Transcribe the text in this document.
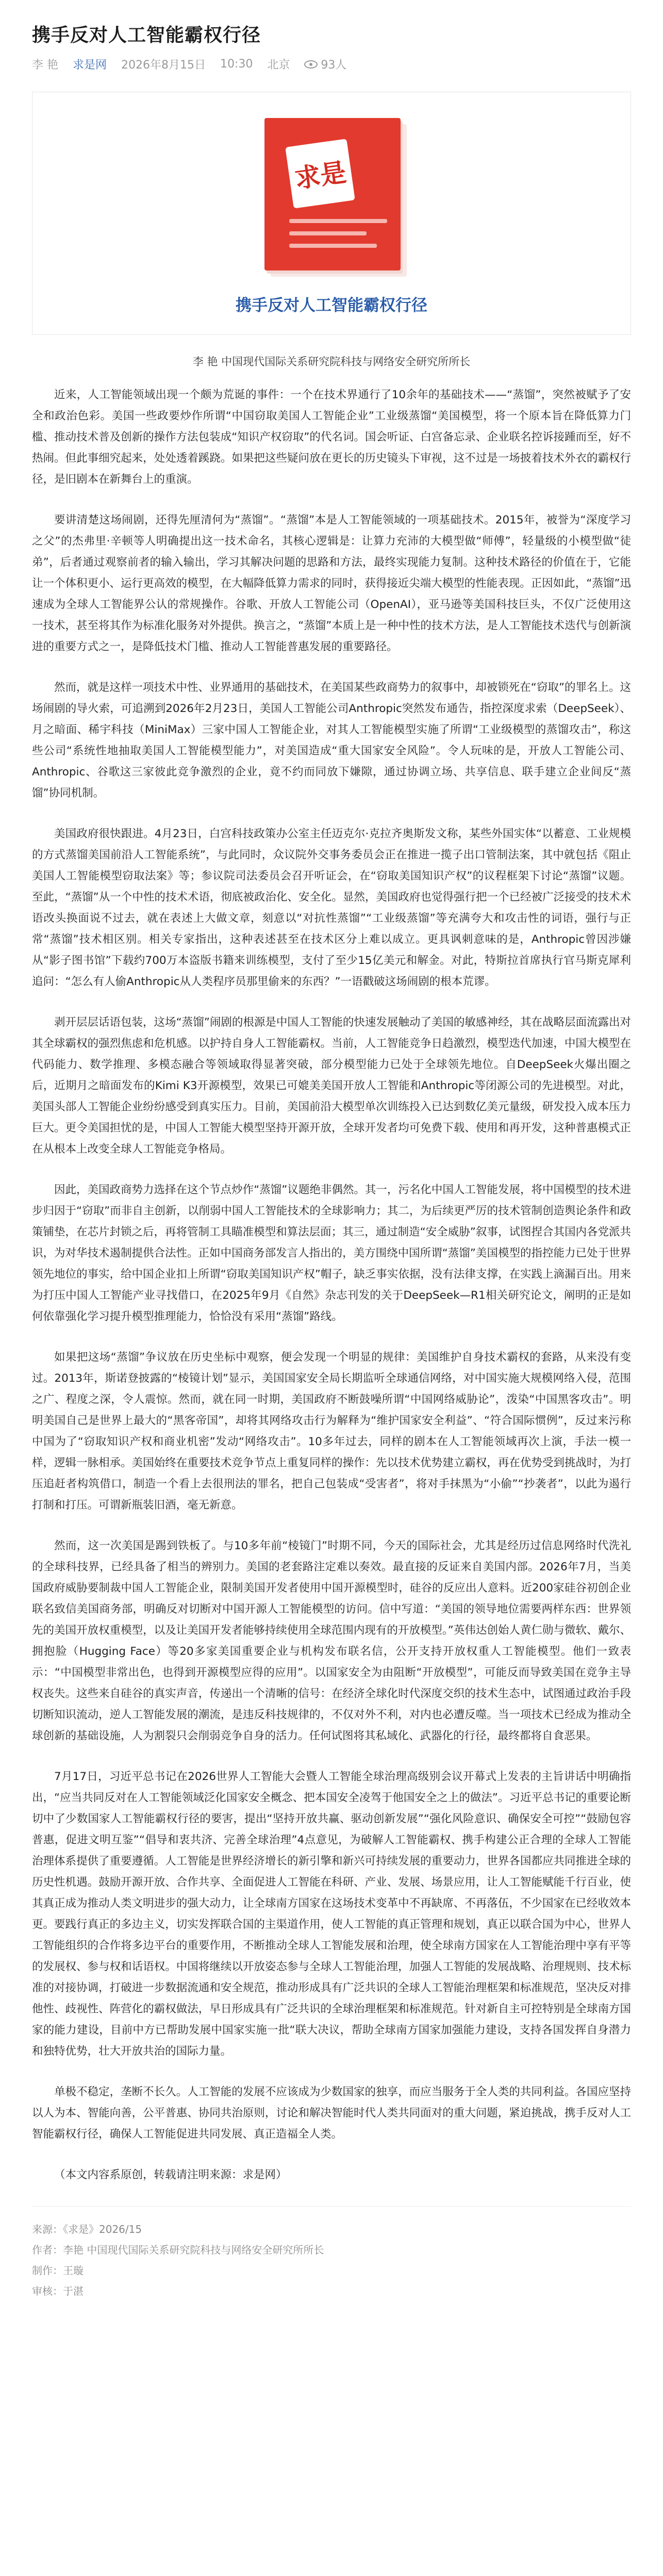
携手反对人工智能霸权行径
李 艳 求是网 2026年8月15日 10:30 北京	93人
求是
携手反对人工智能霸权行径
李 艳 中国现代国际关系研究院科技与网络安全研究所所长

近来，人工智能领域出现一个颇为荒诞的事件：一个在技术界通行了10余年的基础技术——“蒸馏”，突然被赋予了安全和政治色彩。美国一些政要炒作所谓“中国窃取美国人工智能企业”工业级蒸馏“美国模型，将一个原本旨在降低算力门槛、推动技术普及创新的操作方法包装成“知识产权窃取”的代名词。国会听证、白宫备忘录、企业联名控诉接踵而至，好不热闹。但此事细究起来，处处透着蹊跷。如果把这些疑问放在更长的历史镜头下审视，这不过是一场披着技术外衣的霸权行径，是旧剧本在新舞台上的重演。

要讲清楚这场闹剧，还得先厘清何为“蒸馏”。“蒸馏”本是人工智能领域的一项基础技术。2015年，被誉为“深度学习之父”的杰弗里·辛顿等人明确提出这一技术命名，其核心逻辑是：让算力充沛的大模型做“师傅”，轻量级的小模型做“徒弟”，后者通过观察前者的输入输出，学习其解决问题的思路和方法，最终实现能力复制。这种技术路径的价值在于，它能让一个体积更小、运行更高效的模型，在大幅降低算力需求的同时，获得接近尖端大模型的性能表现。正因如此，“蒸馏”迅速成为全球人工智能界公认的常规操作。谷歌、开放人工智能公司（OpenAI），亚马逊等美国科技巨头，不仅广泛使用这一技术，甚至将其作为标准化服务对外提供。换言之，“蒸馏”本质上是一种中性的技术方法，是人工智能技术迭代与创新演进的重要方式之一，是降低技术门槛、推动人工智能普惠发展的重要路径。

然而，就是这样一项技术中性、业界通用的基础技术，在美国某些政商势力的叙事中，却被锁死在“窃取”的罪名上。这场闹剧的导火索，可追溯到2026年2月23日，美国人工智能公司Anthropic突然发布通告，指控深度求索（DeepSeek）、月之暗面、稀宇科技（MiniMax）三家中国人工智能企业，对其人工智能模型实施了所谓“工业级模型的蒸馏攻击”，称这些公司“系统性地抽取美国人工智能模型能力”，对美国造成“重大国家安全风险”。令人玩味的是，开放人工智能公司、Anthropic、谷歌这三家彼此竞争激烈的企业，竟不约而同放下嫌隙，通过协调立场、共享信息、联手建立企业间反“蒸馏”协同机制。

美国政府很快跟进。4月23日，白宫科技政策办公室主任迈克尔·克拉齐奥斯发文称，某些外国实体“以蓄意、工业规模的方式蒸馏美国前沿人工智能系统”，与此同时，众议院外交事务委员会正在推进一揽子出口管制法案，其中就包括《阻止美国人工智能模型窃取法案》等；参议院司法委员会召开听证会，在“窃取美国知识产权”的议程框架下讨论“蒸馏”议题。至此，“蒸馏”从一个中性的技术术语，彻底被政治化、安全化。显然，美国政府也觉得强行把一个已经被广泛接受的技术术语改头换面说不过去，就在表述上大做文章，刻意以“对抗性蒸馏”“工业级蒸馏”等充满夸大和攻击性的词语，强行与正常“蒸馏”技术相区别。相关专家指出，这种表述甚至在技术区分上难以成立。更具讽刺意味的是，Anthropic曾因涉嫌从“影子图书馆”下载约700万本盗版书籍来训练模型，支付了至少15亿美元和解金。对此，特斯拉首席执行官马斯克犀利追问：“怎么有人偷Anthropic从人类程序员那里偷来的东西？”一语戳破这场闹剧的根本荒谬。

剥开层层话语包装，这场“蒸馏”闹剧的根源是中国人工智能的快速发展触动了美国的敏感神经，其在战略层面流露出对其全球霸权的强烈焦虑和危机感。以护持自身人工智能霸权。当前，人工智能竞争日趋激烈，模型迭代加速，中国大模型在代码能力、数学推理、多模态融合等领域取得显著突破，部分模型能力已处于全球领先地位。自DeepSeek火爆出圈之后，近期月之暗面发布的Kimi K3开源模型，效果已可媲美美国开放人工智能和Anthropic等闭源公司的先进模型。对此，美国头部人工智能企业纷纷感受到真实压力。目前，美国前沿大模型单次训练投入已达到数亿美元量级，研发投入成本压力巨大。更令美国担忧的是，中国人工智能大模型坚持开源开放，全球开发者均可免费下载、使用和再开发，这种普惠模式正在从根本上改变全球人工智能竞争格局。

因此，美国政商势力选择在这个节点炒作“蒸馏”议题绝非偶然。其一，污名化中国人工智能发展，将中国模型的技术进步归因于“窃取”而非自主创新，以削弱中国人工智能技术的全球影响力；其二，为后续更严厉的技术管制创造舆论条件和政策铺垫，在芯片封锁之后，再将管制工具瞄准模型和算法层面；其三，通过制造“安全威胁”叙事，试图捏合其国内各党派共识，为对华技术遏制提供合法性。正如中国商务部发言人指出的，美方围绕中国所谓“蒸馏”美国模型的指控能力已处于世界领先地位的事实，给中国企业扣上所谓“窃取美国知识产权”帽子，缺乏事实依据，没有法律支撑，在实践上滴漏百出。用来为打压中国人工智能产业寻找借口，在2025年9月《自然》杂志刊发的关于DeepSeek—R1相关研究论文，阐明的正是如何依靠强化学习提升模型推理能力，恰恰没有采用“蒸馏”路线。

如果把这场“蒸馏”争议放在历史坐标中观察，便会发现一个明显的规律：美国维护自身技术霸权的套路，从来没有变过。2013年，斯诺登披露的“棱镜计划”显示，美国国家安全局长期监听全球通信网络，对中国实施大规模网络入侵，范围之广、程度之深，令人震惊。然而，就在同一时期，美国政府不断鼓噪所谓“中国网络威胁论”，泼染“中国黑客攻击”。明明美国自己是世界上最大的“黑客帝国”，却将其网络攻击行为解释为“维护国家安全利益”、“符合国际惯例”，反过来污称中国为了“窃取知识产权和商业机密”发动“网络攻击”。10多年过去，同样的剧本在人工智能领域再次上演，手法一模一样，逻辑一脉相承。美国始终在重要技术竞争节点上重复同样的操作：先以技术优势建立霸权，再在优势受到挑战时，为打压追赶者构筑借口，制造一个看上去很刑法的罪名，把自己包装成“受害者”，将对手抹黑为“小偷”“抄袭者”，以此为遏行打制和打压。可谓新瓶装旧酒，毫无新意。

然而，这一次美国是踢到铁板了。与10多年前“棱镜门”时期不同，今天的国际社会，尤其是经历过信息网络时代洗礼的全球科技界，已经具备了相当的辨别力。美国的老套路注定难以奏效。最直接的反证来自美国内部。2026年7月，当美国政府威胁要制裁中国人工智能企业，限制美国开发者使用中国开源模型时，硅谷的反应出人意料。近200家硅谷初创企业联名致信美国商务部，明确反对切断对中国开源人工智能模型的访问。信中写道：“美国的领导地位需要两样东西：世界领先的美国开放权重模型，以及让美国开发者能够持续使用全球范围内现有的开放模型。”英伟达创始人黄仁勋与微软、戴尔、拥抱脸（Hugging Face）等20多家美国重要企业与机构发布联名信，公开支持开放权重人工智能模型。他们一致表示：“中国模型非常出色，也得到开源模型应得的应用”。以国家安全为由阻断“开放模型”，可能反而导致美国在竞争主导权丧失。这些来自硅谷的真实声音，传递出一个清晰的信号：在经济全球化时代深度交织的技术生态中，试图通过政治手段切断知识流动，逆人工智能发展的潮流，是违反科技规律的，不仅对外不利，对内也必遭反噬。当一项技术已经成为推动全球创新的基础设施，人为割裂只会削弱竞争自身的活力。任何试图将其私域化、武器化的行径，最终都将自食恶果。

7月17日，习近平总书记在2026世界人工智能大会暨人工智能全球治理高级别会议开幕式上发表的主旨讲话中明确指出，“应当共同反对在人工智能领域泛化国家安全概念、把本国安全凌驾于他国安全之上的做法”。习近平总书记的重要论断切中了少数国家人工智能霸权行径的要害，提出“坚持开放共赢、驱动创新发展”“强化风险意识、确保安全可控”“鼓励包容普惠，促进文明互鉴”“倡导和衷共济、完善全球治理”4点意见，为破解人工智能霸权、携手构建公正合理的全球人工智能治理体系提供了重要遵循。人工智能是世界经济增长的新引擎和新兴可持续发展的重要动力，世界各国都应共同推进全球的历史性机遇。鼓励开源开放、合作共享、全面促进人工智能在科研、产业、发展、场景应用，让人工智能赋能千行百业，使其真正成为推动人类文明进步的强大动力，让全球南方国家在这场技术变革中不再缺席、不再落伍，不少国家在已经收效本更。要践行真正的多边主义，切实发挥联合国的主渠道作用，使人工智能的真正管理和规划，真正以联合国为中心，世界人工智能组织的合作将多边平台的重要作用，不断推动全球人工智能发展和治理，使全球南方国家在人工智能治理中享有平等的发展权、参与权和话语权。中国将继续以开放姿态参与全球人工智能治理，加强人工智能的发展战略、治理规则、技术标准的对接协调，打破进一步数据流通和安全规范，推动形成具有广泛共识的全球人工智能治理框架和标准规范，坚决反对排他性、歧视性、阵营化的霸权做法，早日形成具有广泛共识的全球治理框架和标准规范。针对新自主可控特别是全球南方国家的能力建设，目前中方已帮助发展中国家实施一批“联大决议，帮助全球南方国家加强能力建设，支持各国发挥自身潜力和独特优势，壮大开放共治的国际力量。

单极不稳定，垄断不长久。人工智能的发展不应该成为少数国家的独享，而应当服务于全人类的共同利益。各国应坚持以人为本、智能向善，公平普惠、协同共治原则，讨论和解决智能时代人类共同面对的重大问题，紧迫挑战，携手反对人工智能霸权行径，确保人工智能促进共同发展、真正造福全人类。

（本文内容系原创，转载请注明来源：求是网）

来源：《求是》2026/15
作者：李艳 中国现代国际关系研究院科技与网络安全研究所所长
制作：王璇
审核：于湛
